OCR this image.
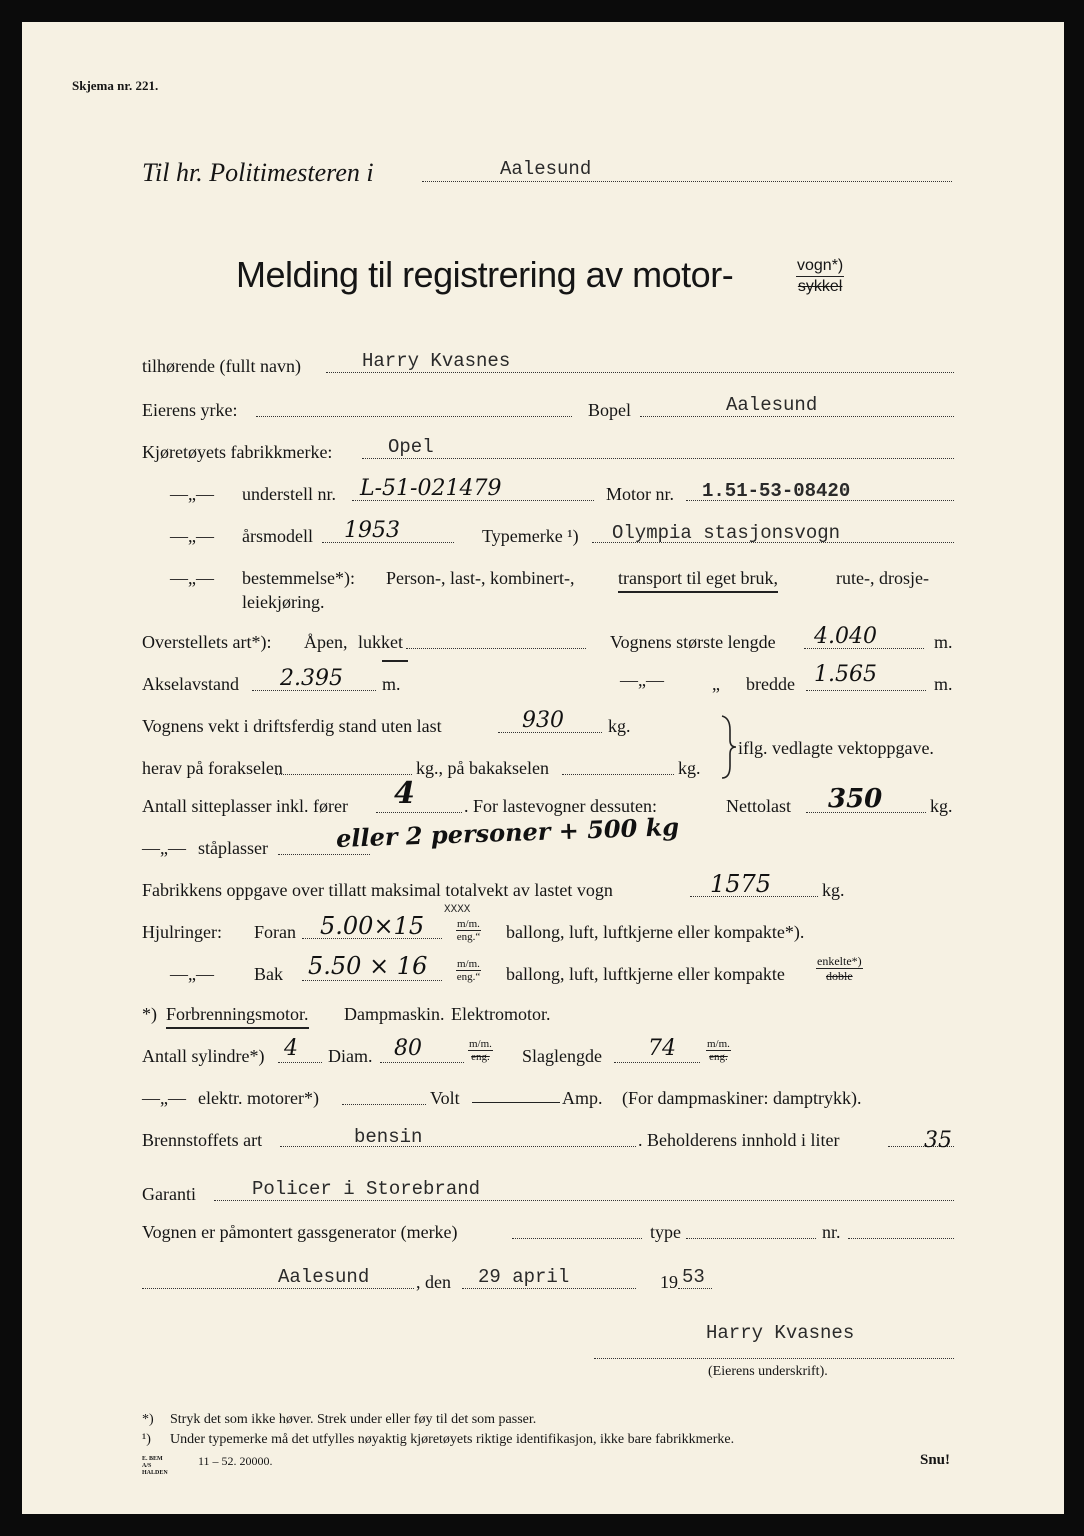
Skjema nr. 221.
Til hr. Politimesteren i	Aalesund
Melding til registrering av motor-	vogn*)
sykkel
tilhørende (fullt navn)	Harry Kvasnes
Eierens yrke:	Bopel	Aalesund
Kjøretøyets fabrikkmerke:	Opel
—„— understell nr. L-51-021479	Motor nr. 1.51-53-08420
—„— årsmodell 1953	Typemerke ¹) Olympia stasjonsvogn
—„— bestemmelse*): Person-, last-, kombinert-, transport til eget bruk,	rute-, drosje-
leiekjøring.
Overstellets art*): Åpen, lukket	Vognens største lengde 4.040	m.
Akselavstand 2.395 m.	—„—	„ bredde 1.565	m.
Vognens vekt i driftsferdig stand uten last	930 kg.
herav på forakselen	kg., på bakakselen	kg.
iflg. vedlagte vektoppgave.
Antall sitteplasser inkl. fører 4	. For lastevogner dessuten:	Nettolast 350	kg.
—„— ståplasser	eller 2 personer + 500 kg
Fabrikkens oppgave over tillatt maksimal totalvekt av lastet vogn	1575	kg.
Hjulringer: Foran 5.00×15	m/m.
eng.“
XXXX
ballong, luft, luftkjerne eller kompakte*).
—„— Bak 5.50 × 16	m/m.
eng.“ ballong, luft, luftkjerne eller kompakte
enkelte*)
doble
*) Forbrenningsmotor. Dampmaskin. Elektromotor.
Antall sylindre*) 4 Diam. 80	m/m.
eng. Slaglengde 74	m/m.
eng.
—„— elektr. motorer*)	Volt	Amp. (For dampmaskiner: damptrykk).
Brennstoffets art	bensin	. Beholderens innhold i liter	35
Garanti	Policer i Storebrand
Vognen er påmontert gassgenerator (merke)	type	nr.
Aalesund	, den 29 april	19 53
Harry Kvasnes
(Eierens underskrift).
*) Stryk det som ikke høver. Strek under eller føy til det som passer.
¹) Under typemerke må det utfylles nøyaktig kjøretøyets riktige identifikasjon, ikke bare fabrikkmerke.
E. BEM A/S HALDEN
11 – 52. 20000.	Snu!
